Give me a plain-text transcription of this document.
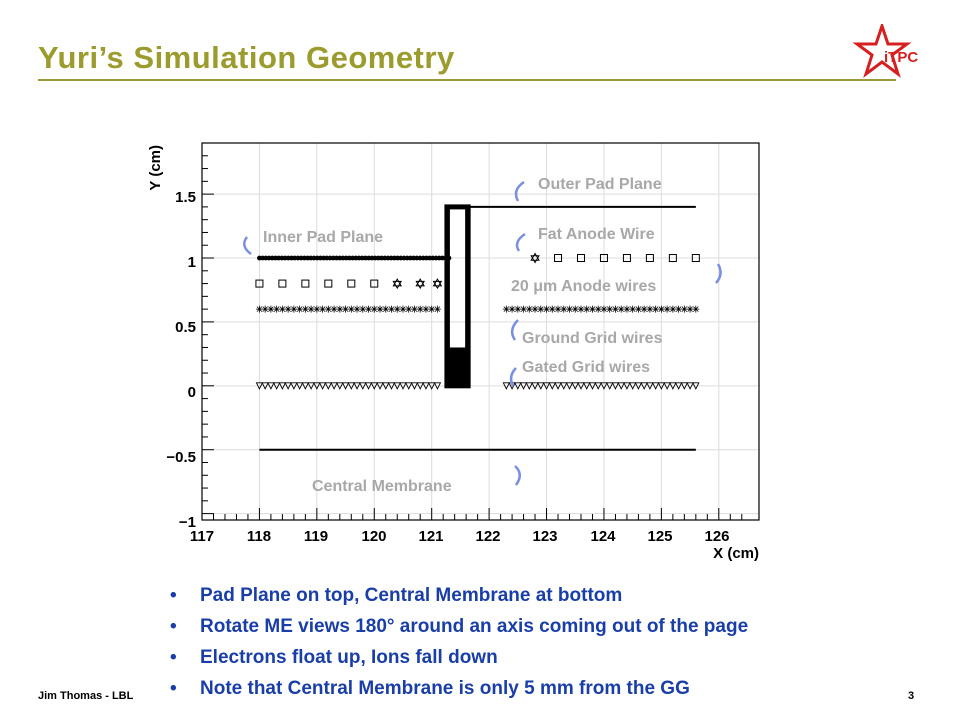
Yuri’s Simulation Geometry	iTPC
1.5
1
0.5
0
−0.5
−1
117 118 119 120 121 122 123 124 125 126
X (cm)
Y (cm)	Outer Pad Plane
Fat Anode Wire
Inner Pad Plane
20 μm Anode wires
Ground Grid wires
Gated Grid wires
Central Membrane
• Pad Plane on top, Central Membrane at bottom
• Rotate ME views 180° around an axis coming out of the page
• Electrons float up, Ions fall down
• Note that Central Membrane is only 5 mm from the GG
Jim Thomas - LBL	3
